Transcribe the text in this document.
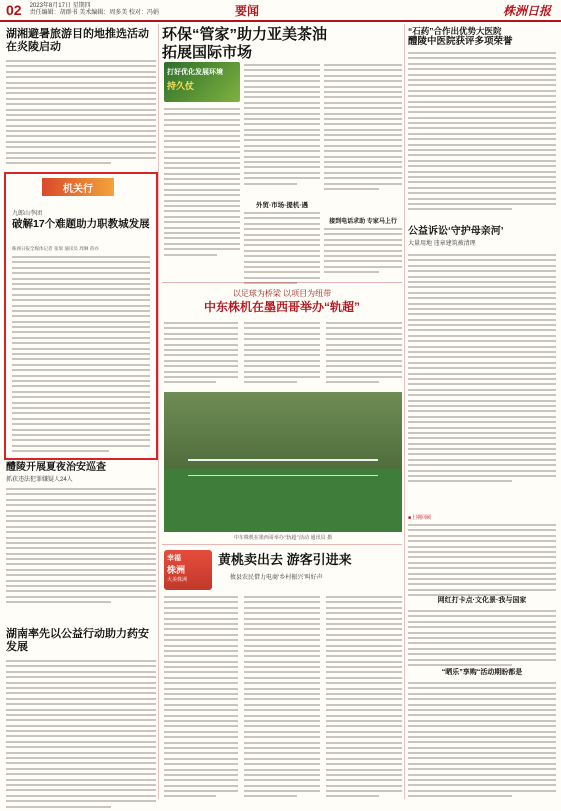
02 2023年8月17日 星期四
责任编辑：胡群书 美术编辑：周多美 校对：冯娟	要闻	株洲日报
湖湘避暑旅游目的地推选活动在炎陵启动
机关行
九郎山李团
破解17个难题助力职教城发展
株洲日报全媒体记者 张瑞 通讯员 周琳 蒋亦
醴陵开展夏夜治安巡查
抓获违法犯罪嫌疑人24人
湖南率先以公益行动助力药安发展
环保“管家”助力亚美茶油
拓展国际市场
打好优化发展环境
持久仗
外贸·市场·提机·遇
接到电话求助 专家马上行
以足球为桥梁 以项目为纽带
中东株机在墨西哥举办“轨超”
中车株机在墨西哥举办“轨超”活动 通讯员 摄
幸福
株洲
大美株洲
黄桃卖出去 游客引进来
攸县农民借力电商‘乡村振兴’叫好声
“石药”合作出优势大医院
醴陵中医院获评多项荣誉
公益诉讼‘守护母亲河’
大量用地 违章建筑被清理
■上期回顾
网红打卡点·文化景·我与国家
“晒乐”享购“活动期盼都是
